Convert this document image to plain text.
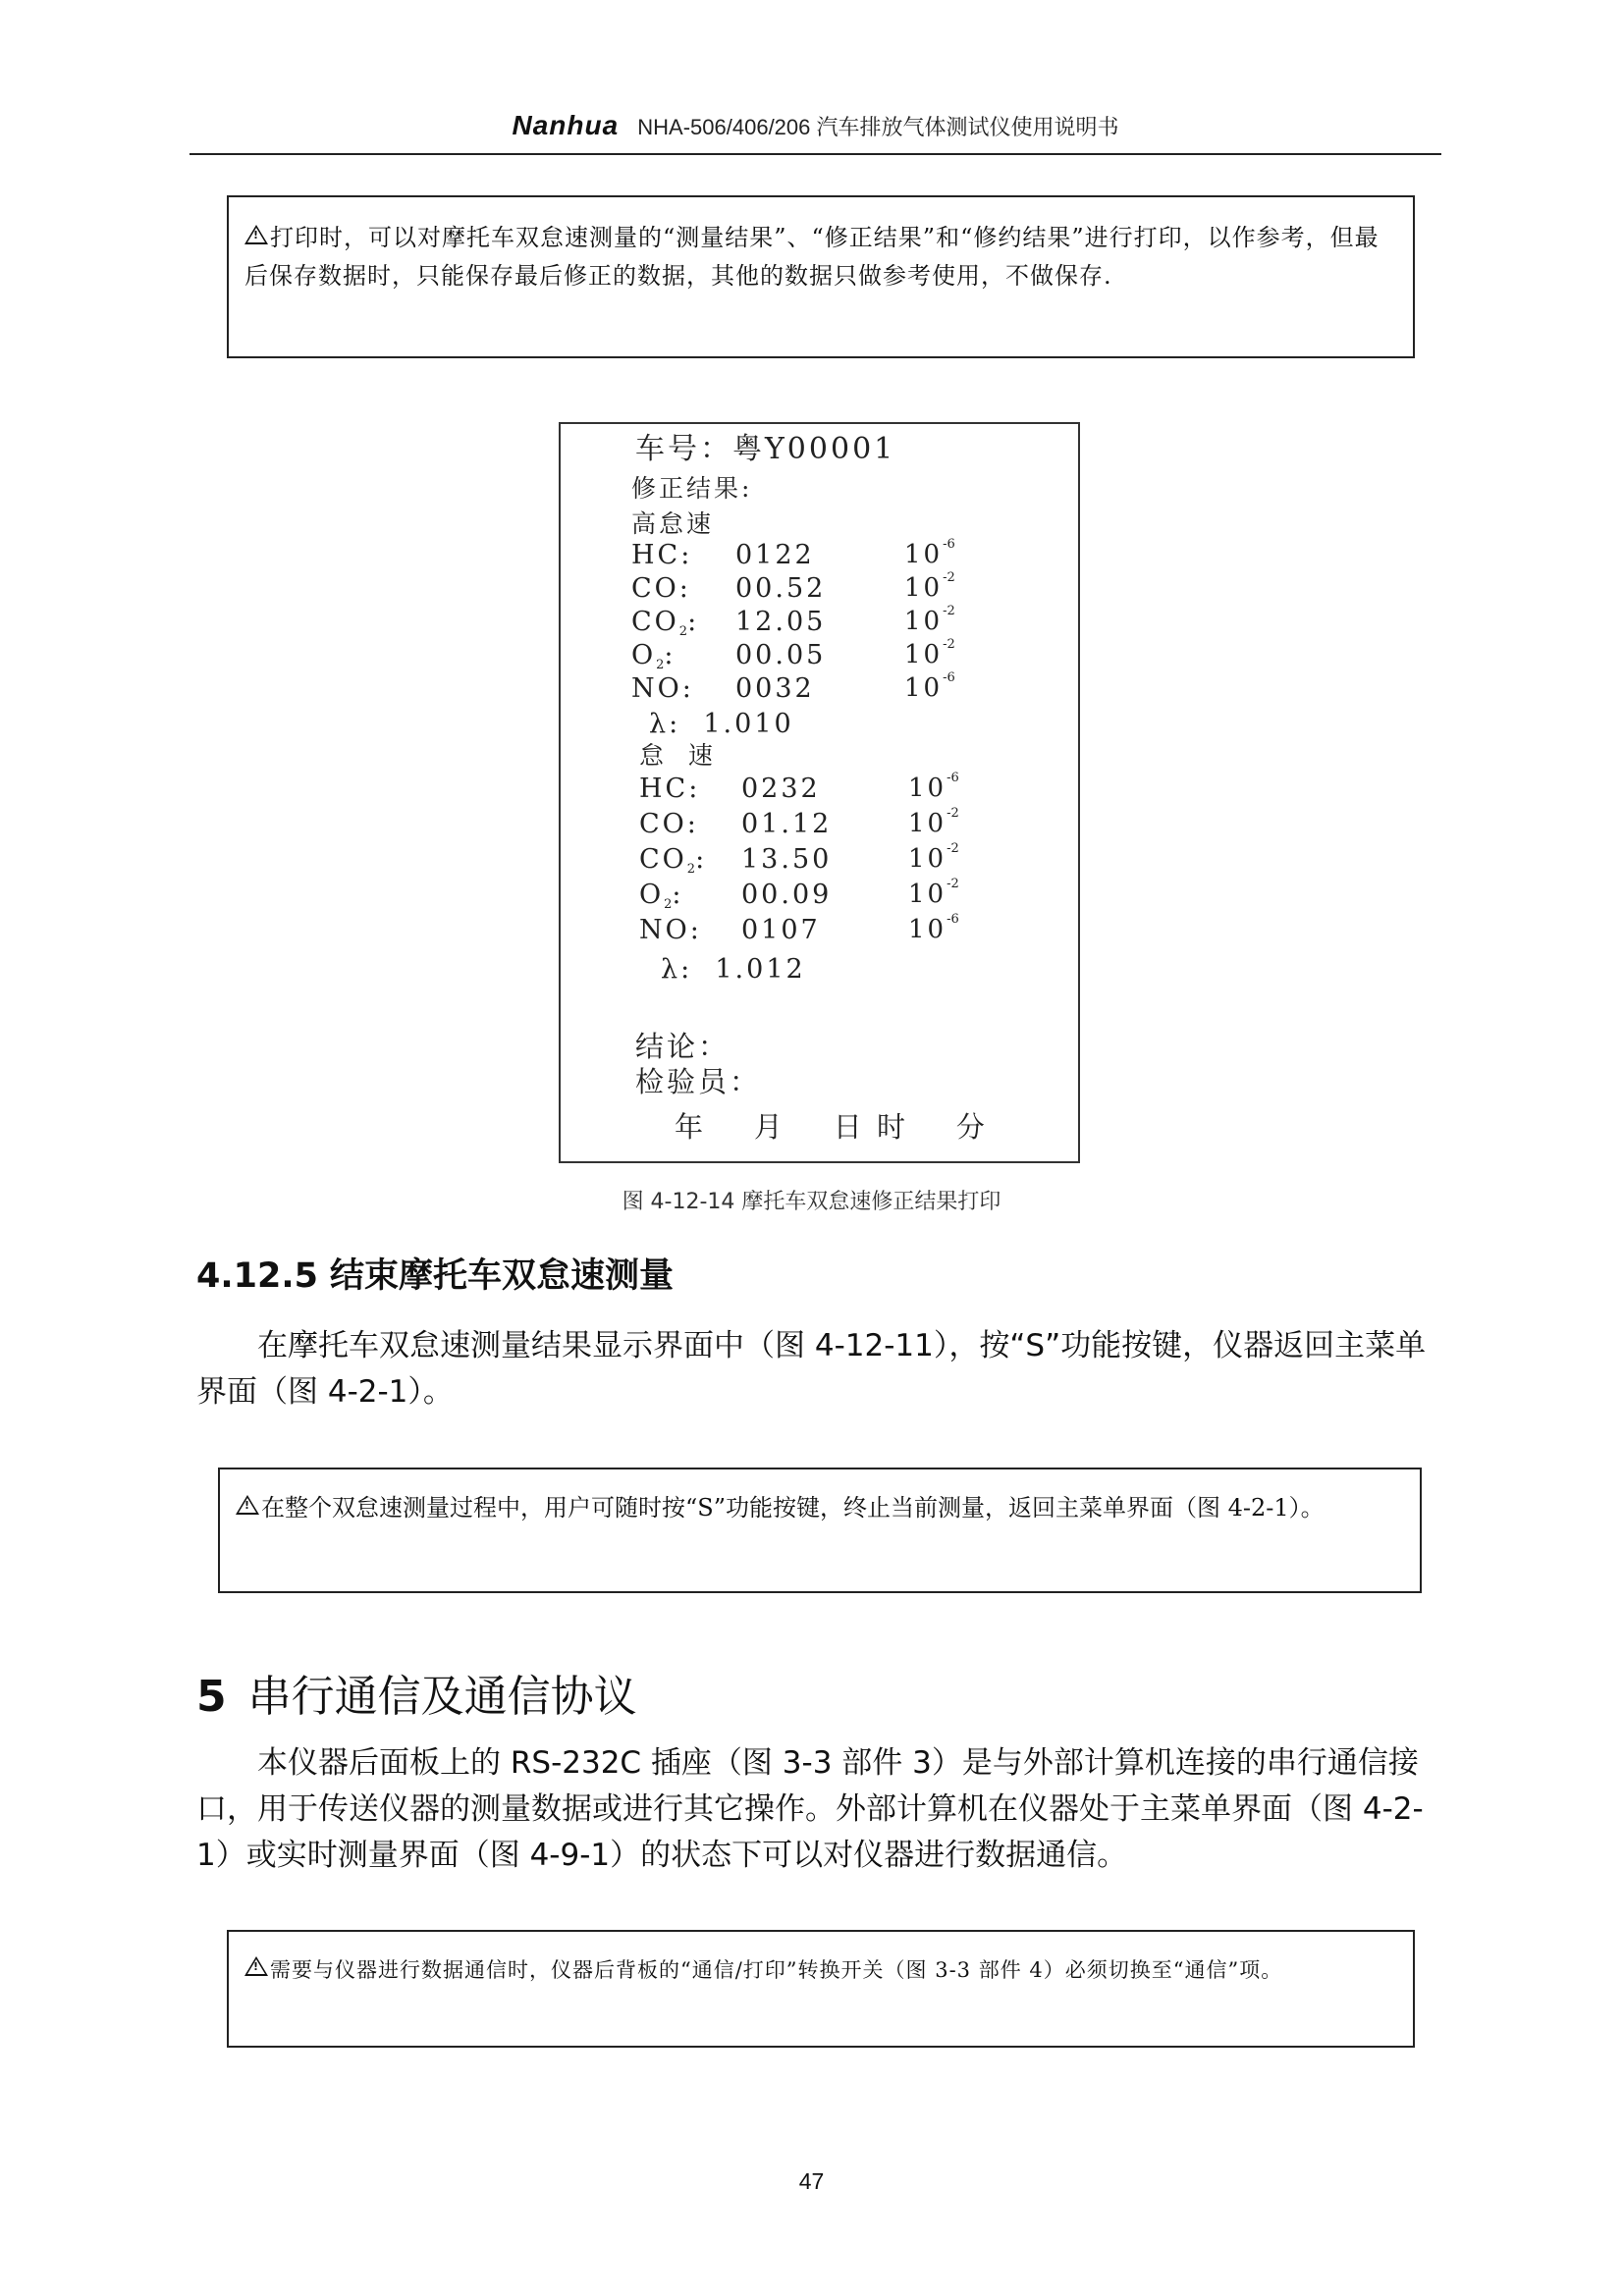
Nanhua NHA-506/406/206 汽车排放气体测试仪使用说明书
!打印时，可以对摩托车双怠速测量的“测量结果”、“修正结果”和“修约结果”进行打印，以作参考，但最后保存数据时，只能保存最后修正的数据，其他的数据只做参考使用，不做保存.
车号：粤Y00001
修正结果:
高怠速
HC: 0122	$10^{-6}$
CO: 00.52	$10^{-2}$
$CO_2$: 12.05	$10^{-2}$
$O_2$: 00.05	$10^{-2}$
NO: 0032	$10^{-6}$
λ:  1.010
怠  速
HC: 0232	$10^{-6}$
CO: 01.12	$10^{-2}$
$CO_2$: 13.50	$10^{-2}$
$O_2$: 00.09	$10^{-2}$
NO: 0107	$10^{-6}$
λ:  1.012
结论：
检验员：
年    月    日 时    分
图 4-12-14 摩托车双怠速修正结果打印
4.12.5 结束摩托车双怠速测量
在摩托车双怠速测量结果显示界面中（图 4-12-11），按“S”功能按键，仪器返回主菜单界面（图 4-2-1）。
!在整个双怠速测量过程中，用户可随时按“S”功能按键，终止当前测量，返回主菜单界面（图 4-2-1）。
5 串行通信及通信协议
本仪器后面板上的 RS-232C 插座（图 3-3 部件 3）是与外部计算机连接的串行通信接口，用于传送仪器的测量数据或进行其它操作。外部计算机在仪器处于主菜单界面（图 4-2-1）或实时测量界面（图 4-9-1）的状态下可以对仪器进行数据通信。
!需要与仪器进行数据通信时，仪器后背板的“通信/打印”转换开关（图 3-3 部件 4）必须切换至“通信”项。
47
